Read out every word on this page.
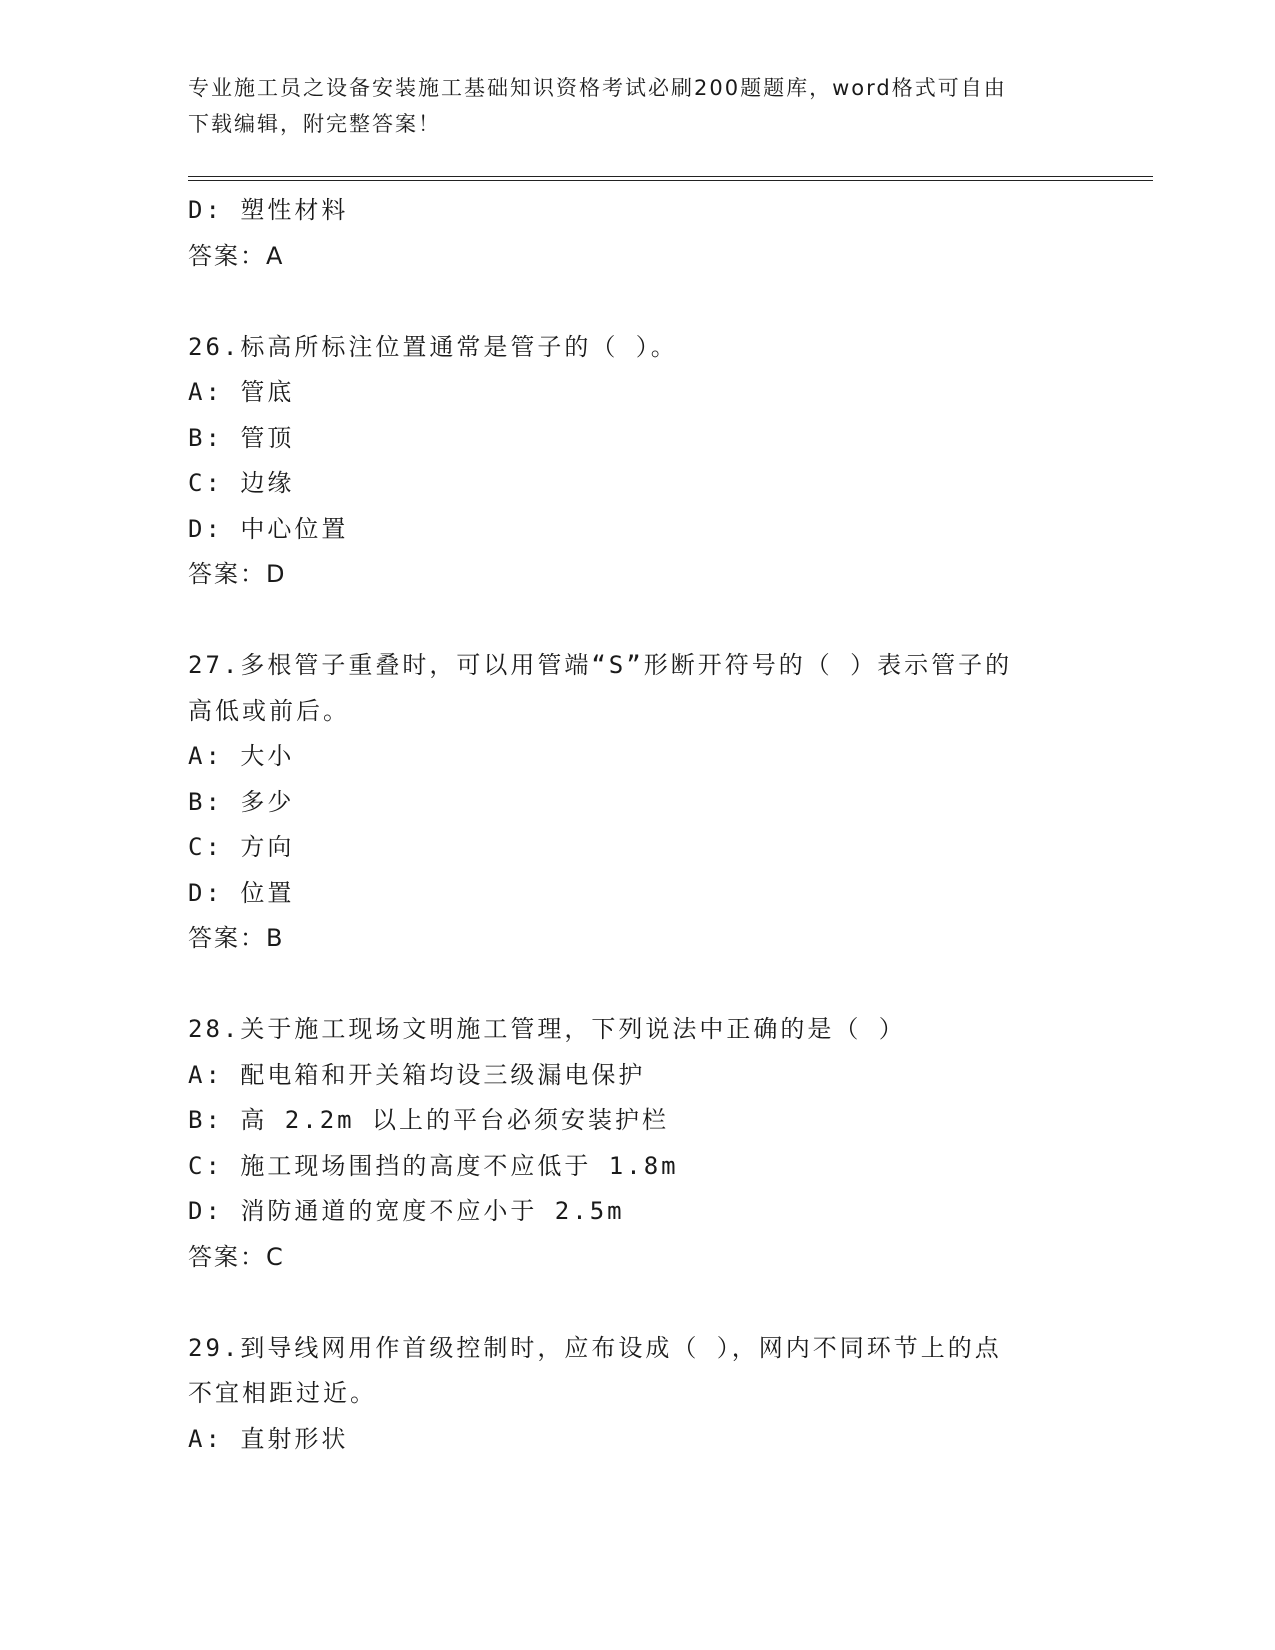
专业施工员之设备安装施工基础知识资格考试必刷200题题库，word格式可自由
下载编辑，附完整答案！
D: 塑性材料
答案：A
26.标高所标注位置通常是管子的（ ）。
A: 管底
B: 管顶
C: 边缘
D: 中心位置
答案：D
27.多根管子重叠时，可以用管端“S”形断开符号的（ ）表示管子的
高低或前后。
A: 大小
B: 多少
C: 方向
D: 位置
答案：B
28.关于施工现场文明施工管理，下列说法中正确的是（ ）
A: 配电箱和开关箱均设三级漏电保护
B: 高 2.2m 以上的平台必须安装护栏
C: 施工现场围挡的高度不应低于 1.8m
D: 消防通道的宽度不应小于 2.5m
答案：C
29.到导线网用作首级控制时，应布设成（ ），网内不同环节上的点
不宜相距过近。
A: 直射形状
